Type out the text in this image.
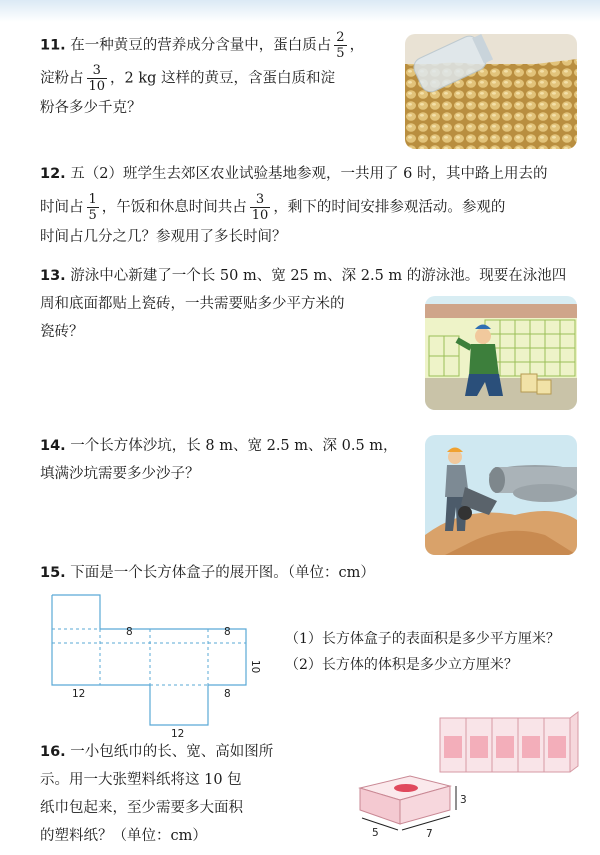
11. 在一种黄豆的营养成分含量中，蛋白质占 $\frac{2}{5}$ ，
淀粉占 $\frac{3}{10}$ ，2 kg 这样的黄豆，含蛋白质和淀
粉各多少千克？
12. 五（2）班学生去郊区农业试验基地参观，一共用了 6 时，其中路上用去的
时间占 $\frac{1}{5}$ ，午饭和休息时间共占 $\frac{3}{10}$ ，剩下的时间安排参观活动。参观的
时间占几分之几？参观用了多长时间？
13. 游泳中心新建了一个长 50 m、宽 25 m、深 2.5 m 的游泳池。现要在泳池四
周和底面都贴上瓷砖，一共需要贴多少平方米的
瓷砖？
14. 一个长方体沙坑，长 8 m、宽 2.5 m、深 0.5 m，
填满沙坑需要多少沙子？
15. 下面是一个长方体盒子的展开图。（单位：cm）
8	8
10
12	8
12
（1）长方体盒子的表面积是多少平方厘米？
（2）长方体的体积是多少立方厘米？
16. 一小包纸巾的长、宽、高如图所
示。用一大张塑料纸将这 10 包
纸巾包起来，至少需要多大面积
的塑料纸？（单位：cm）
3
5	7
